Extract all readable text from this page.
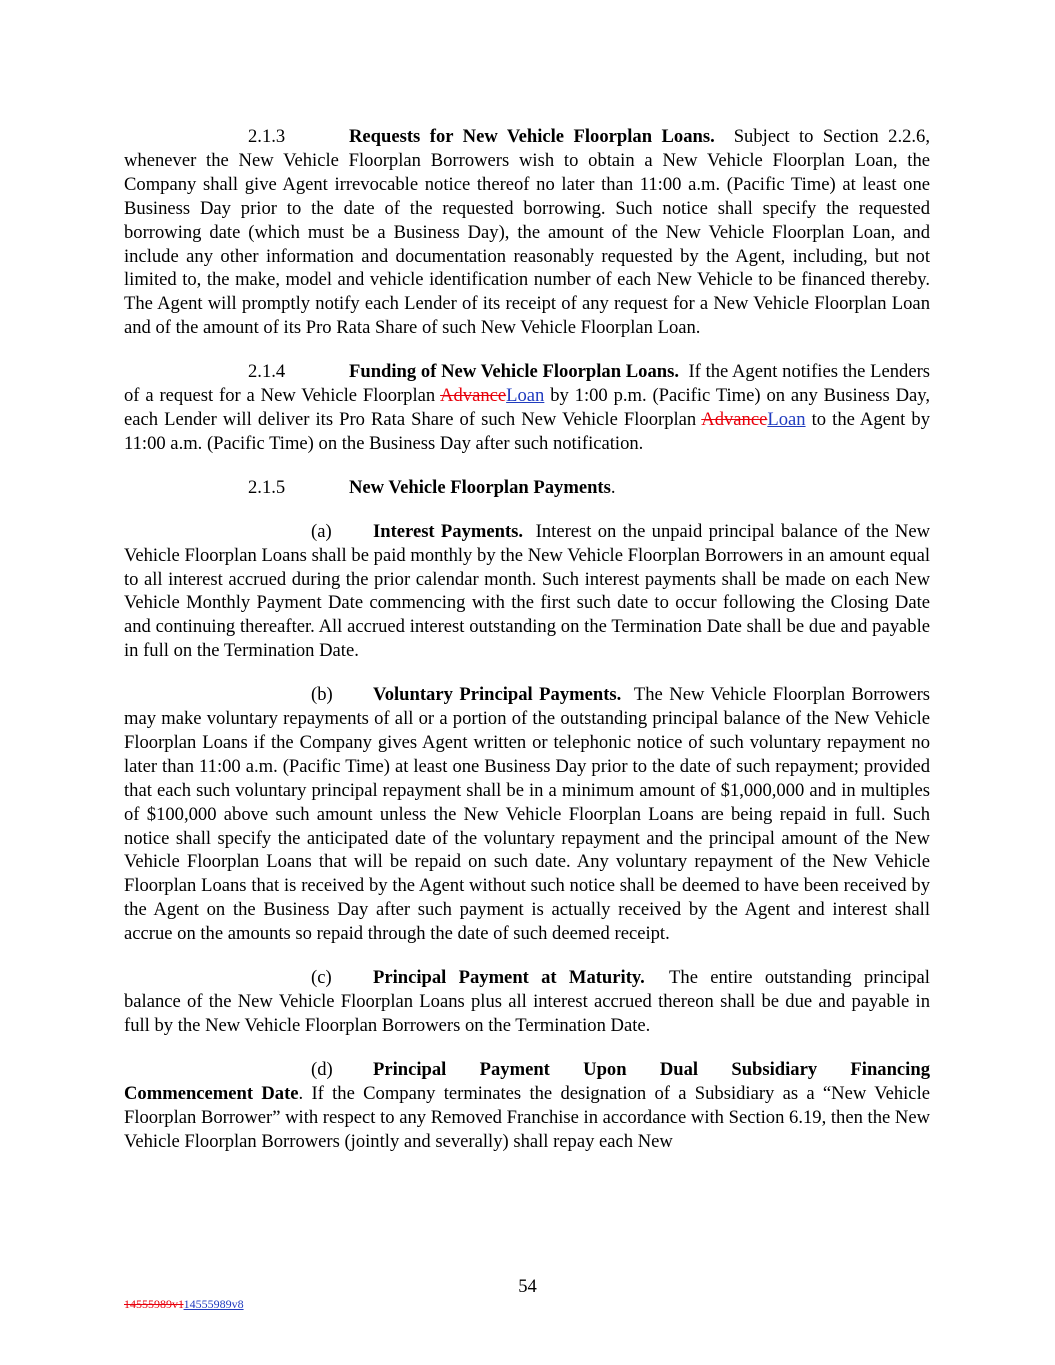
2.1.3	Requests for New Vehicle Floorplan Loans. Subject to Section 2.2.6, whenever the New Vehicle Floorplan Borrowers wish to obtain a New Vehicle Floorplan Loan, the Company shall give Agent irrevocable notice thereof no later than 11:00 a.m. (Pacific Time) at least one Business Day prior to the date of the requested borrowing. Such notice shall specify the requested borrowing date (which must be a Business Day), the amount of the New Vehicle Floorplan Loan, and include any other information and documentation reasonably requested by the Agent, including, but not limited to, the make, model and vehicle identification number of each New Vehicle to be financed thereby. The Agent will promptly notify each Lender of its receipt of any request for a New Vehicle Floorplan Loan and of the amount of its Pro Rata Share of such New Vehicle Floorplan Loan.

2.1.4	Funding of New Vehicle Floorplan Loans. If the Agent notifies the Lenders of a request for a New Vehicle Floorplan AdvanceLoan by 1:00 p.m. (Pacific Time) on any Business Day, each Lender will deliver its Pro Rata Share of such New Vehicle Floorplan AdvanceLoan to the Agent by 11:00 a.m. (Pacific Time) on the Business Day after such notification.

2.1.5	New Vehicle Floorplan Payments.

(a) Interest Payments. Interest on the unpaid principal balance of the New Vehicle Floorplan Loans shall be paid monthly by the New Vehicle Floorplan Borrowers in an amount equal to all interest accrued during the prior calendar month. Such interest payments shall be made on each New Vehicle Monthly Payment Date commencing with the first such date to occur following the Closing Date and continuing thereafter. All accrued interest outstanding on the Termination Date shall be due and payable in full on the Termination Date.

(b) Voluntary Principal Payments. The New Vehicle Floorplan Borrowers may make voluntary repayments of all or a portion of the outstanding principal balance of the New Vehicle Floorplan Loans if the Company gives Agent written or telephonic notice of such voluntary repayment no later than 11:00 a.m. (Pacific Time) at least one Business Day prior to the date of such repayment; provided that each such voluntary principal repayment shall be in a minimum amount of $1,000,000 and in multiples of $100,000 above such amount unless the New Vehicle Floorplan Loans are being repaid in full. Such notice shall specify the anticipated date of the voluntary repayment and the principal amount of the New Vehicle Floorplan Loans that will be repaid on such date. Any voluntary repayment of the New Vehicle Floorplan Loans that is received by the Agent without such notice shall be deemed to have been received by the Agent on the Business Day after such payment is actually received by the Agent and interest shall accrue on the amounts so repaid through the date of such deemed receipt.

(c) Principal Payment at Maturity. The entire outstanding principal balance of the New Vehicle Floorplan Loans plus all interest accrued thereon shall be due and payable in full by the New Vehicle Floorplan Borrowers on the Termination Date.

(d) Principal Payment Upon Dual Subsidiary Financing

Commencement Date. If the Company terminates the designation of a Subsidiary as a “New Vehicle Floorplan Borrower” with respect to any Removed Franchise in accordance with Section 6.19, then the New Vehicle Floorplan Borrowers (jointly and severally) shall repay each New

54
14555989v114555989v8
